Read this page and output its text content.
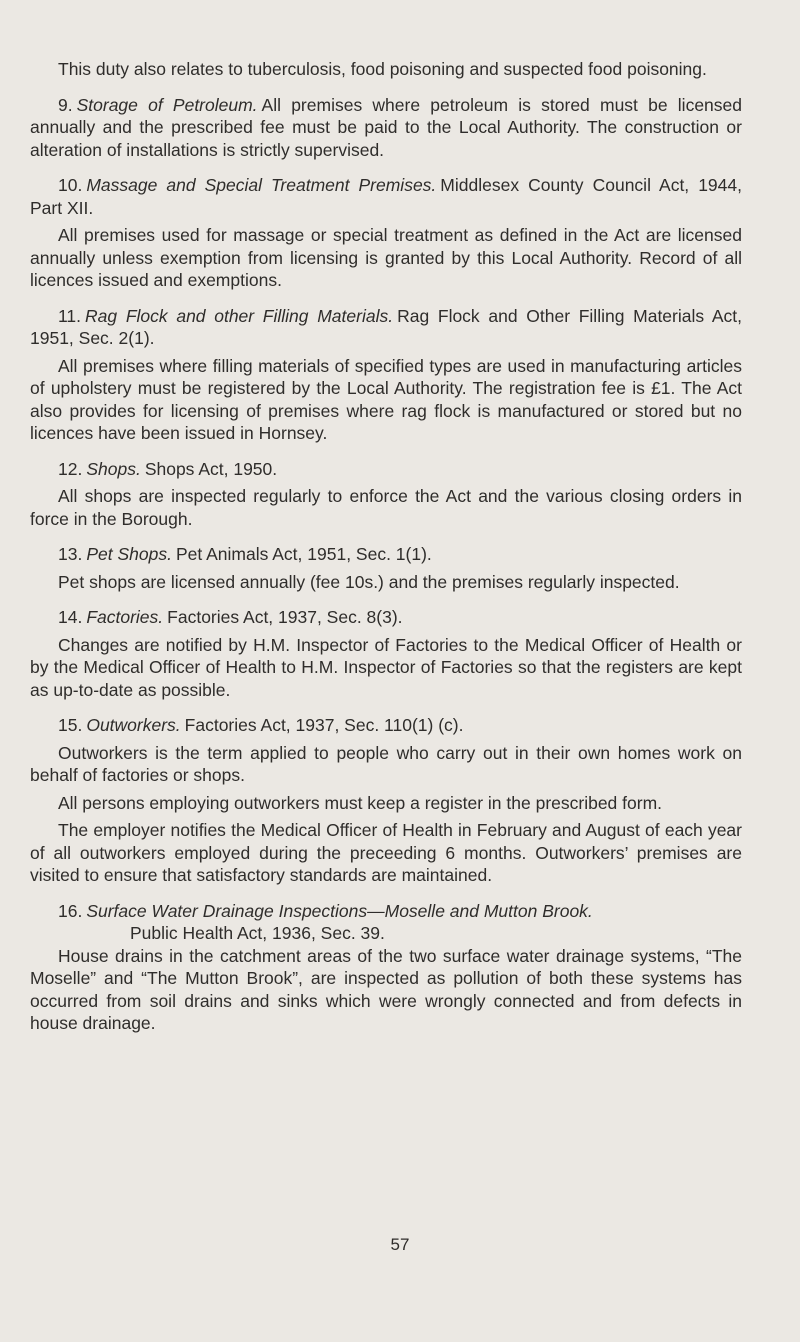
This duty also relates to tuberculosis, food poisoning and suspected food poisoning.

9. Storage of Petroleum. All premises where petroleum is stored must be licensed annually and the prescribed fee must be paid to the Local Authority. The construction or alteration of installations is strictly supervised.

10. Massage and Special Treatment Premises. Middlesex County Council Act, 1944, Part XII.

All premises used for massage or special treatment as defined in the Act are licensed annually unless exemption from licensing is granted by this Local Authority. Record of all licences issued and exemptions.

11. Rag Flock and other Filling Materials. Rag Flock and Other Filling Materials Act, 1951, Sec. 2(1).

All premises where filling materials of specified types are used in manufacturing articles of upholstery must be registered by the Local Authority. The registration fee is £1. The Act also provides for licensing of premises where rag flock is manufactured or stored but no licences have been issued in Hornsey.

12. Shops. Shops Act, 1950.

All shops are inspected regularly to enforce the Act and the various closing orders in force in the Borough.

13. Pet Shops. Pet Animals Act, 1951, Sec. 1(1).

Pet shops are licensed annually (fee 10s.) and the premises regularly inspected.

14. Factories. Factories Act, 1937, Sec. 8(3).

Changes are notified by H.M. Inspector of Factories to the Medical Officer of Health or by the Medical Officer of Health to H.M. Inspector of Factories so that the registers are kept as up-to-date as possible.

15. Outworkers. Factories Act, 1937, Sec. 110(1) (c).

Outworkers is the term applied to people who carry out in their own homes work on behalf of factories or shops.

All persons employing outworkers must keep a register in the prescribed form.

The employer notifies the Medical Officer of Health in February and August of each year of all outworkers employed during the preceeding 6 months. Outworkers’ premises are visited to ensure that satisfactory standards are maintained.

16. Surface Water Drainage Inspections—Moselle and Mutton Brook.

Public Health Act, 1936, Sec. 39.

House drains in the catchment areas of the two surface water drainage systems, “The Moselle” and “The Mutton Brook”, are inspected as pollution of both these systems has occurred from soil drains and sinks which were wrongly connected and from defects in house drainage.

57
